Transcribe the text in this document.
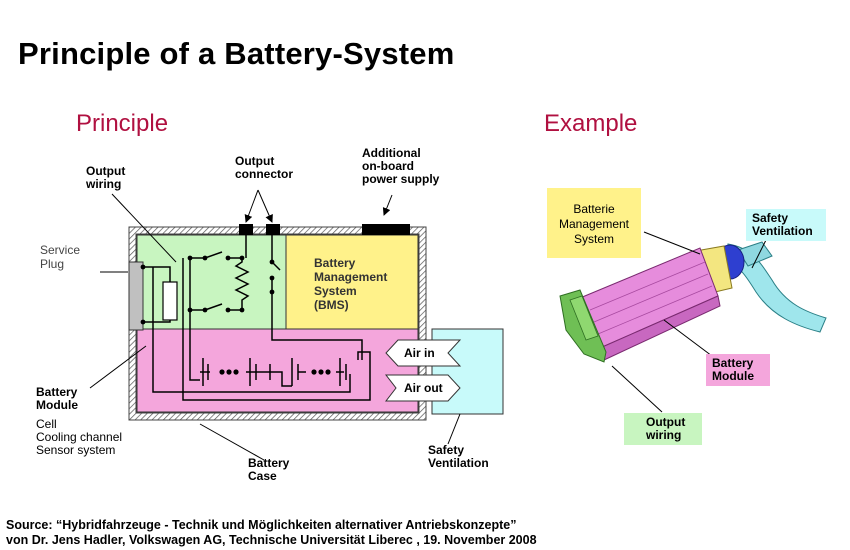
Principle of a Battery-System
Principle
Output
wiring
Output
connector
Additional
on-board
power supply
Service
Plug	Battery
Management
System
(BMS)
Air in
Air out
Battery
Module
Cell
Cooling channel
Sensor system
Battery
Case
Safety
Ventilation
Example
Batterie
Management
System
Safety
Ventilation
Battery
Module
Output
wiring
Source: “Hybridfahrzeuge - Technik und Möglichkeiten alternativer Antriebskonzepte”
von Dr. Jens Hadler, Volkswagen AG, Technische Universität Liberec , 19. November 2008
